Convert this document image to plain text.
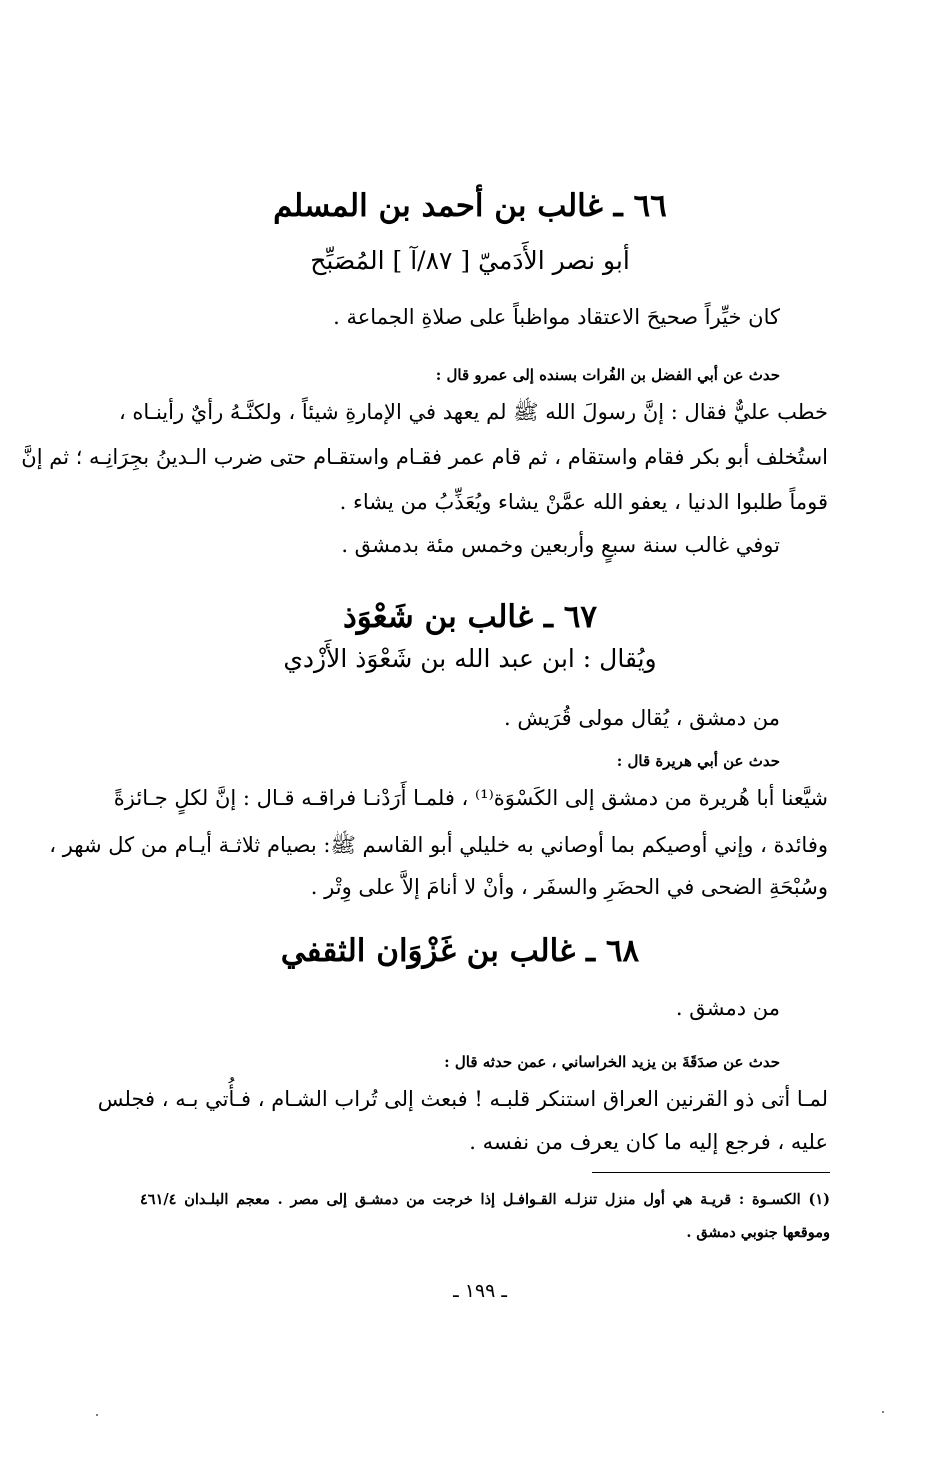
٦٦ ـ غالب بن أحمد بن المسلم
أبو نصر الأَدَميّ [ ٨٧/آ ] المُصَبِّح
كان خيِّراً صحيحَ الاعتقاد مواظباً على صلاةِ الجماعة .
حدث عن أبي الفضل بن الفُرات بسنده إلى عمرو قال :
خطب عليٌّ فقال : إنَّ رسولَ الله ﷺ لم يعهد في الإمارةِ شيئاً ، ولكنَّـهُ رأيٌ رأينـاه ،
استُخلف أبو بكر فقام واستقام ، ثم قام عمر فقـام واستقـام حتى ضرب الـدينُ بجِرَانِـه ؛ ثم إنَّ
قوماً طلبوا الدنيا ، يعفو الله عمَّنْ يشاء ويُعَذِّبُ من يشاء .
توفي غالب سنة سبعٍ وأربعين وخمس مئة بدمشق .
٦٧ ـ غالب بن شَعْوَذ
ويُقال : ابن عبد الله بن شَعْوَذ الأَزْدي
من دمشق ، يُقال مولى قُرَيش .
حدث عن أبي هريرة قال :
شيَّعنا أبا هُريرة من دمشق إلى الكَسْوَة⁽¹⁾ ، فلمـا أَرَدْنـا فراقـه قـال : إنَّ لكلٍ جـائزةً
وفائدة ، وإني أوصيكم بما أوصاني به خليلي أبو القاسم ﷺ: بصيام ثلاثـة أيـام من كل شهر ،
وسُبْحَةِ الضحى في الحضَرِ والسفَر ، وأنْ لا أنامَ إلاَّ على وِتْر .
٦٨ ـ غالب بن غَزْوَان الثقفي
من دمشق .
حدث عن صدَقَةَ بن يزيد الخراساني ، عمن حدثه قال :
لمـا أتى ذو القرنين العراق استنكر قلبـه ! فبعث إلى تُراب الشـام ، فـأُتي بـه ، فجلس
عليه ، فرجع إليه ما كان يعرف من نفسه .
(١) الكسـوة : قريـة هي أول منزل تنزلـه القـوافـل إذا خرجت من دمشـق إلى مصر . معجم البلـدان ٤٦١/٤
وموقعها جنوبي دمشق .
ـ ١٩٩ ـ
